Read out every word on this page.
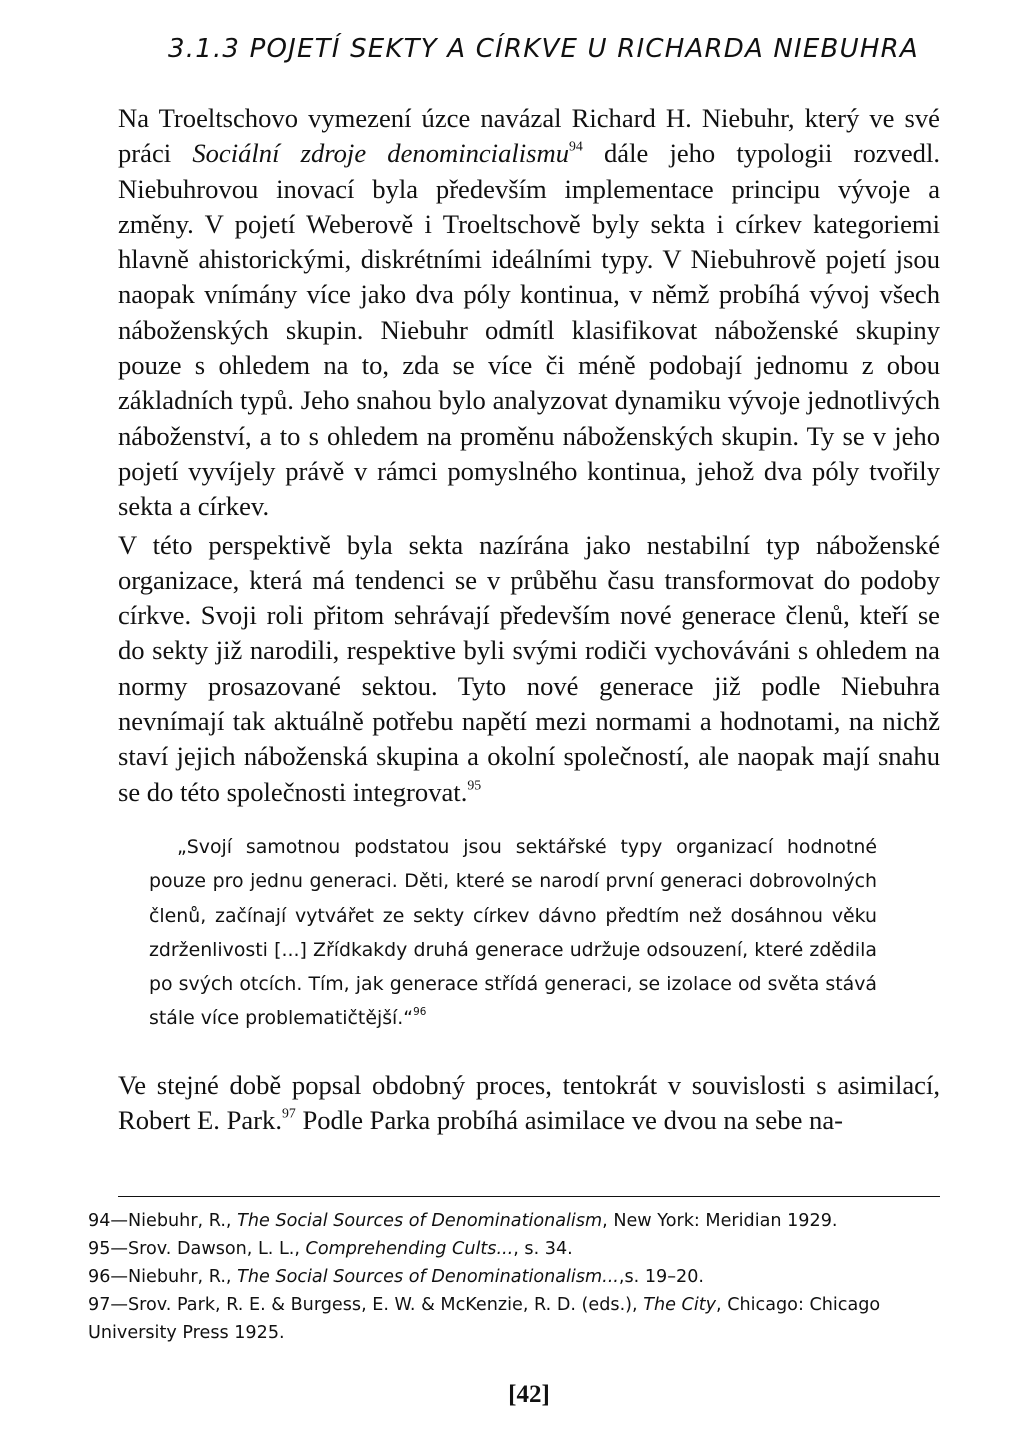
3.1.3 POJETÍ SEKTY A CÍRKVE U RICHARDA NIEBUHRA

Na Troeltschovo vymezení úzce navázal Richard H. Niebuhr, který ve své práci Sociální zdroje denomincialismu$^{94}$ dále jeho typologii rozvedl. Niebuhrovou inovací byla především implementace principu vývoje a změny. V pojetí Weberově i Troeltschově byly sekta i církev kategoriemi hlavně ahistorickými, diskrétními ideálními typy. V Niebuhrově pojetí jsou naopak vnímány více jako dva póly kontinua, v němž probíhá vývoj všech náboženských skupin. Niebuhr odmítl klasifikovat náboženské skupiny pouze s ohledem na to, zda se více či méně podobají jednomu z obou základních typů. Jeho snahou bylo analyzovat dynamiku vývoje jednotlivých náboženství, a to s ohledem na proměnu náboženských skupin. Ty se v jeho pojetí vyvíjely právě v rámci pomyslného kontinua, jehož dva póly tvořily sekta a církev.

V této perspektivě byla sekta nazírána jako nestabilní typ náboženské organizace, která má tendenci se v průběhu času transformovat do podoby církve. Svoji roli přitom sehrávají především nové generace členů, kteří se do sekty již narodili, respektive byli svými rodiči vychováváni s ohledem na normy prosazované sektou. Tyto nové generace již podle Niebuhra nevnímají tak aktuálně potřebu napětí mezi normami a hodnotami, na nichž staví jejich náboženská skupina a okolní společností, ale naopak mají snahu se do této společnosti integrovat.$^{95}$

„Svojí samotnou podstatou jsou sektářské typy organizací hodnotné pouze pro jednu generaci. Děti, které se narodí první generaci dobrovolných členů, začínají vytvářet ze sekty církev dávno předtím než dosáhnou věku zdrženlivosti [...] Zřídkakdy druhá generace udržuje odsouzení, které zdědila po svých otcích. Tím, jak generace střídá generaci, se izolace od světa stává stále více problematičtější.“$^{96}$

Ve stejné době popsal obdobný proces, tentokrát v souvislosti s asimilací, Robert E. Park.$^{97}$ Podle Parka probíhá asimilace ve dvou na sebe na-

94—Niebuhr, R., The Social Sources of Denominationalism, New York: Meridian 1929.

95—Srov. Dawson, L. L., Comprehending Cults..., s. 34.

96—Niebuhr, R., The Social Sources of Denominationalism...,s. 19–20.

97—Srov. Park, R. E. & Burgess, E. W. & McKenzie, R. D. (eds.), The City, Chicago: Chicago University Press 1925.

[42]
